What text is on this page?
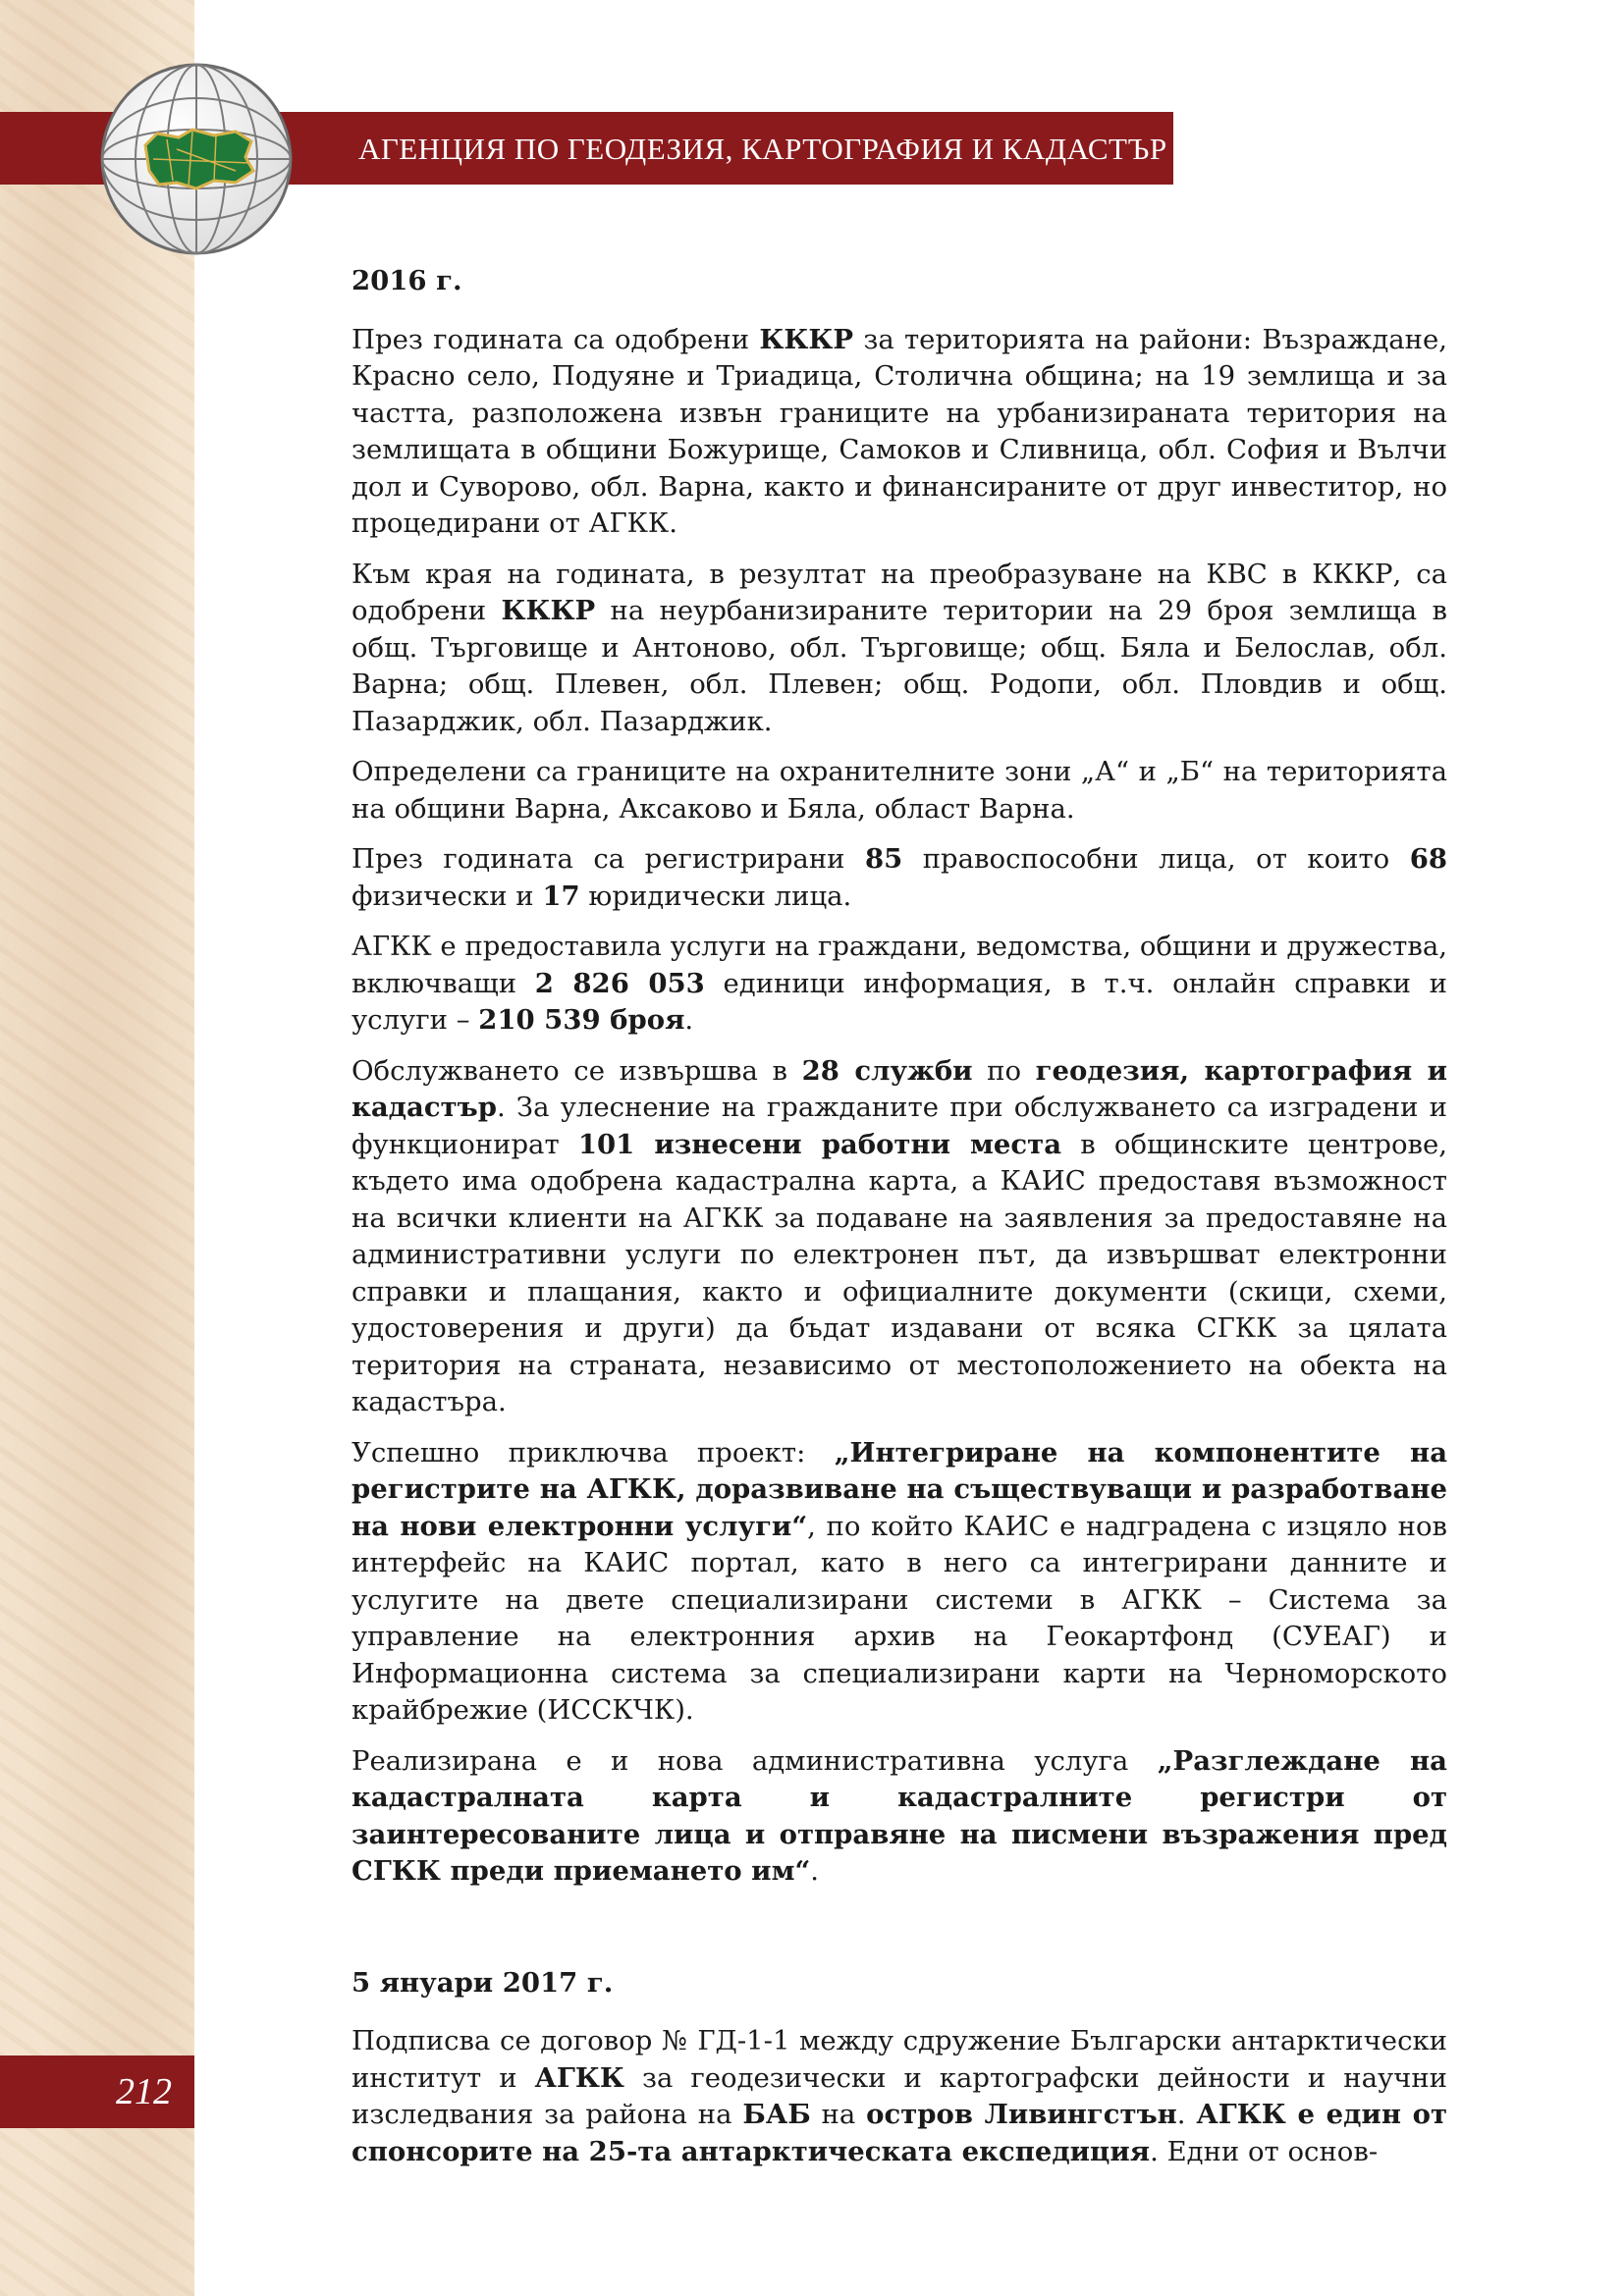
АГЕНЦИЯ ПО ГЕОДЕЗИЯ, КАРТОГРАФИЯ И КАДАСТЪР
212
2016 г.

През годината са одобрени КККР за територията на райони: Възраждане, Красно село, Подуяне и Триадица, Столична община; на 19 землища и за частта, разположена извън границите на урбанизираната територия на землищата в общини Божурище, Самоков и Сливница, обл. София и Вълчи дол и Суворово, обл. Варна, както и финансираните от друг инвеститор, но процедирани от АГКК.

Към края на годината, в резултат на преобразуване на КВС в КККР, са одобрени КККР на неурбанизираните територии на 29 броя землища в общ. Търговище и Антоново, обл. Търговище; общ. Бяла и Белослав, обл. Варна; общ. Плевен, обл. Плевен; общ. Родопи, обл. Пловдив и общ. Пазарджик, обл. Пазарджик.

Определени са границите на охранителните зони „А“ и „Б“ на територията на общини Варна, Аксаково и Бяла, област Варна.

През годината са регистрирани 85 правоспособни лица, от които 68 физически и 17 юридически лица.

АГКК е предоставила услуги на граждани, ведомства, общини и дружества, включващи 2 826 053 единици информация, в т.ч. онлайн справки и услуги – 210 539 броя.

Обслужването се извършва в 28 служби по геодезия, картография и кадастър. За улеснение на гражданите при обслужването са изградени и функционират 101 изнесени работни места в общинските центрове, където има одобрена кадастрална карта, а КАИС предоставя възможност на всички клиенти на АГКК за подаване на заявления за предоставяне на административни услуги по електронен път, да извършват електронни справки и плащания, както и официалните документи (скици, схеми, удостоверения и други) да бъдат издавани от всяка СГКК за цялата територия на страната, независимо от местоположението на обекта на кадастъра.

Успешно приключва проект: „Интегриране на компонентите на регистрите на АГКК, доразвиване на съществуващи и разработване на нови електронни услуги“, по който КАИС е надградена с изцяло нов интерфейс на КАИС портал, като в него са интегрирани данните и услугите на двете специализирани системи в АГКК – Система за управление на електронния архив на Геокартфонд (СУЕАГ) и Информационна система за специализирани карти на Черноморското крайбрежие (ИССКЧК).

Реализирана е и нова административна услуга „Разглеждане на кадастралната карта и кадастралните регистри от заинтересованите лица и отправяне на писмени възражения пред СГКК преди приемането им“.

5 януари 2017 г.

Подписва се договор № ГД-1-1 между сдружение Български антарктически институт и АГКК за геодезически и картографски дейности и научни изследвания за района на БАБ на остров Ливингстън. АГКК е един от спонсорите на 25-та антарктическата експедиция. Едни от основ-
